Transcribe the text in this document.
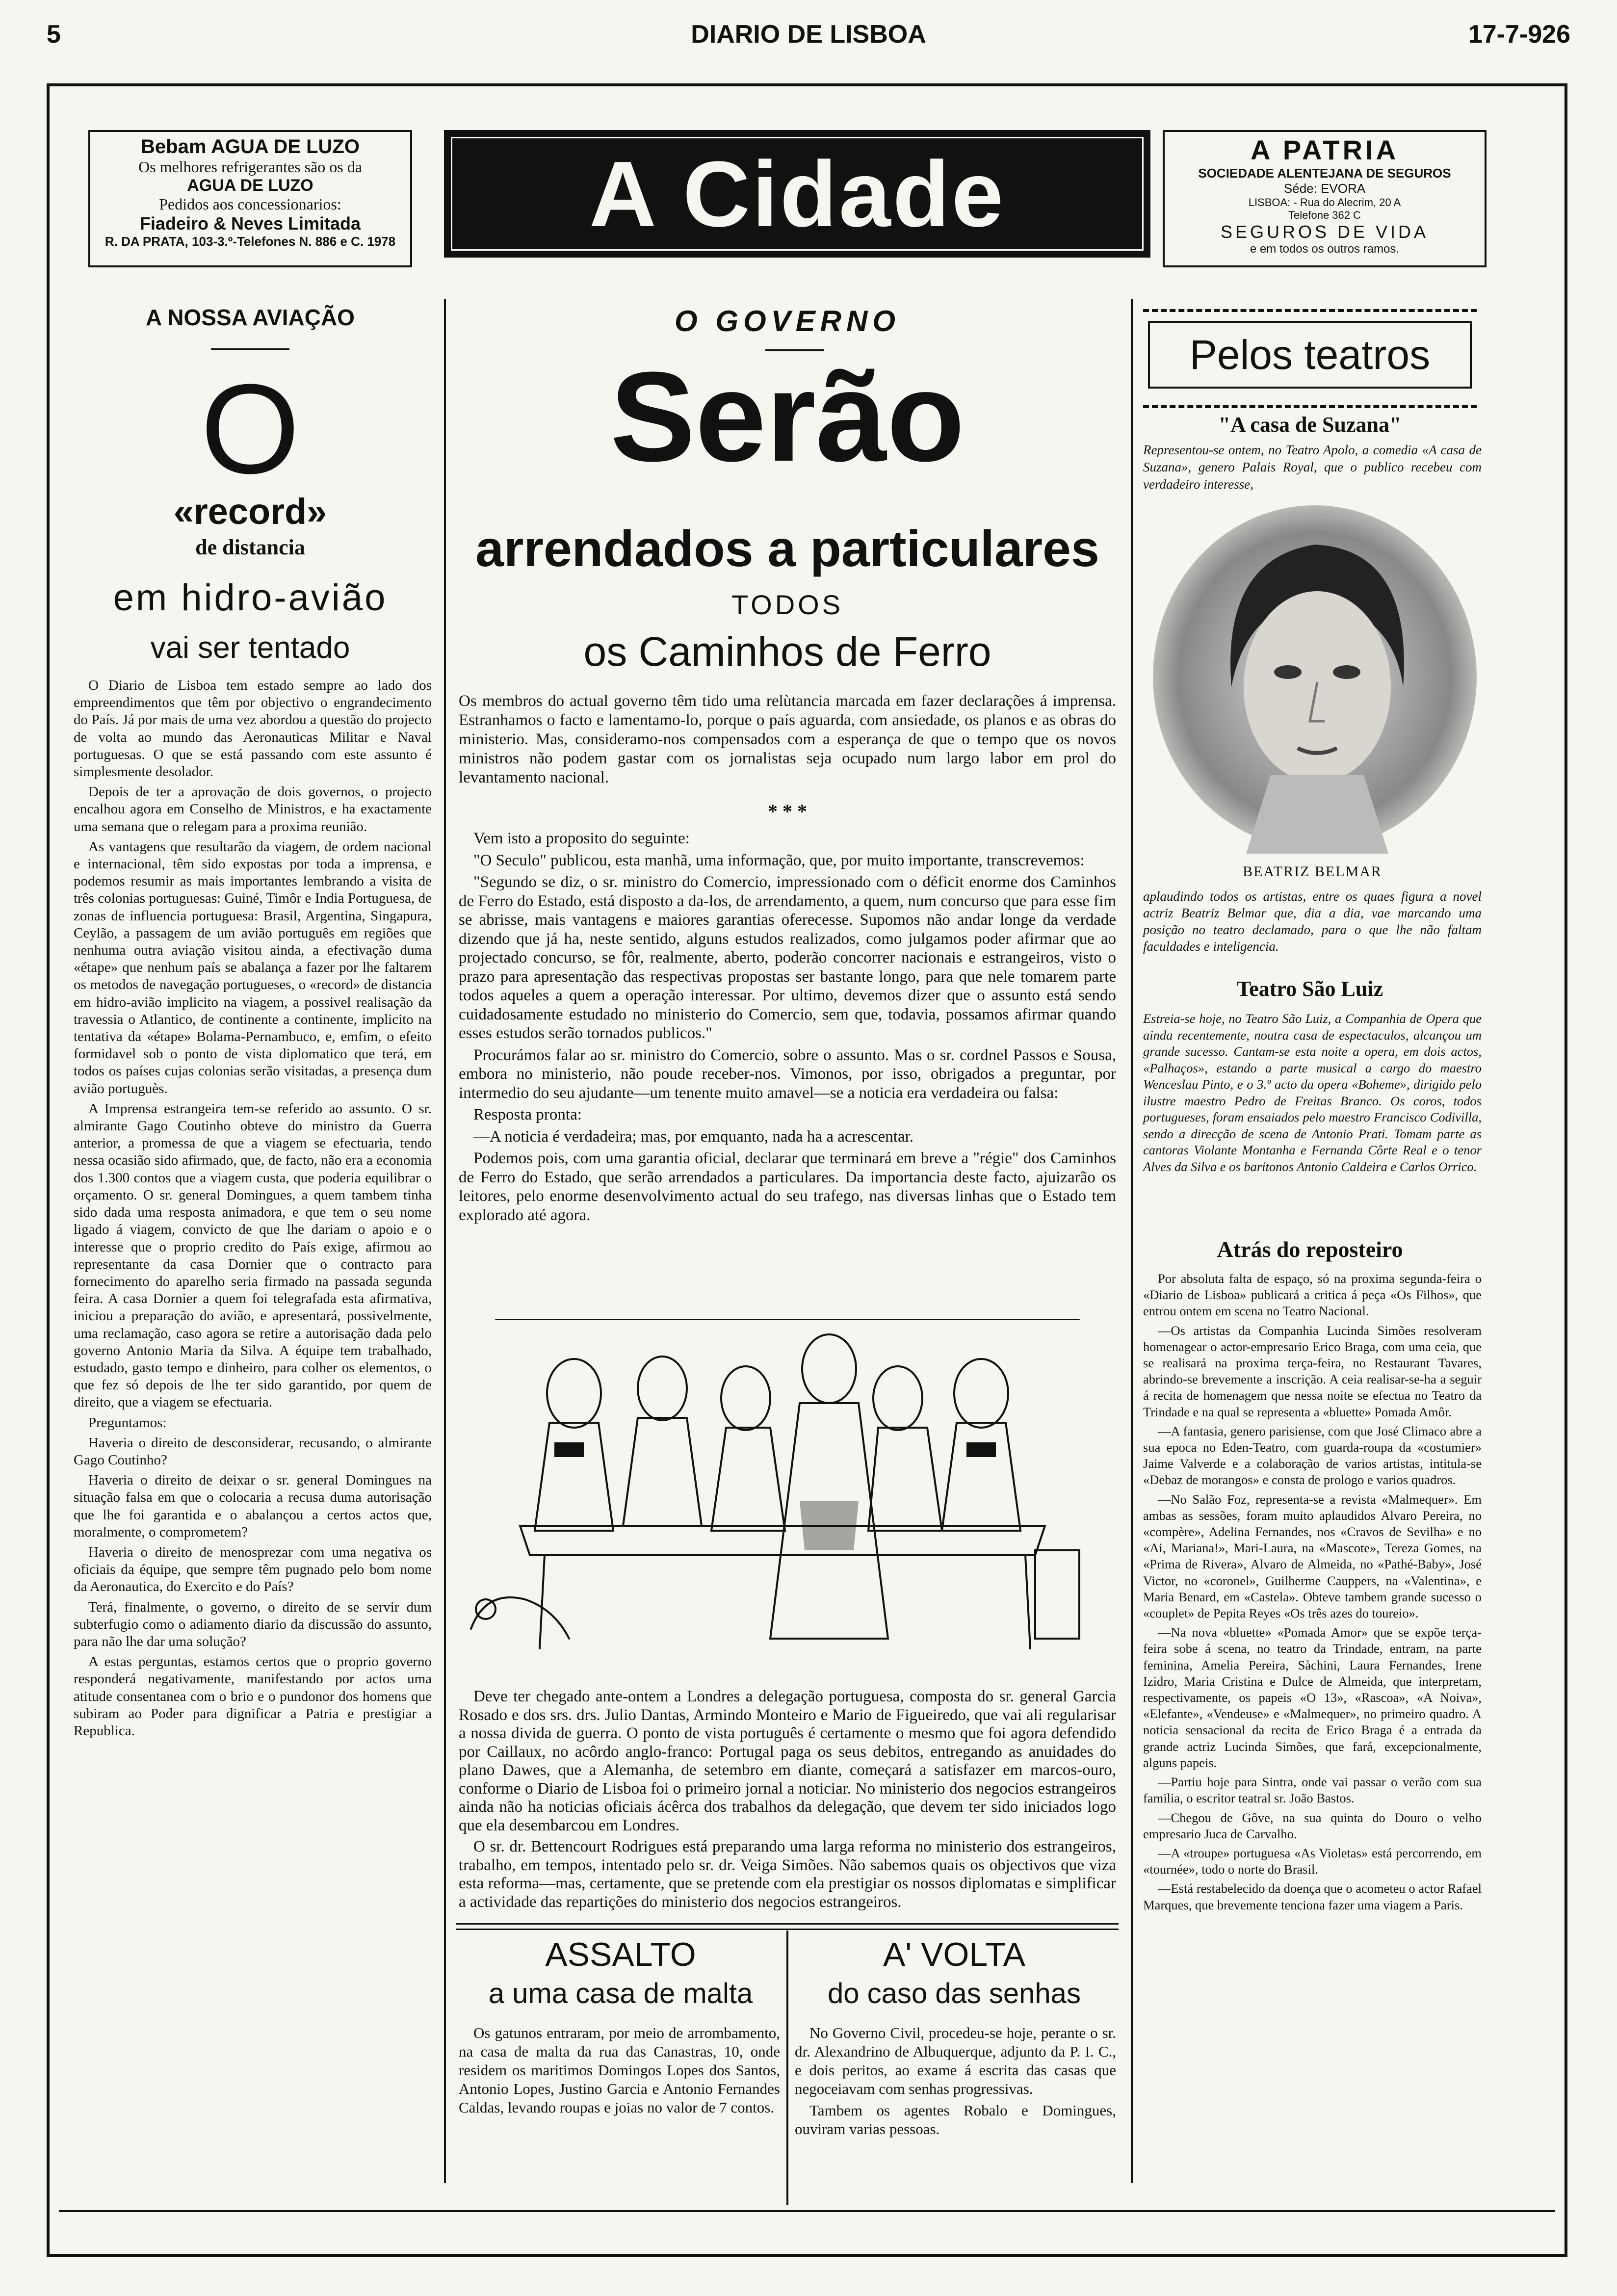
5	DIARIO DE LISBOA	17-7-926
Bebam AGUA DE LUZO
Os melhores refrigerantes são os da
AGUA DE LUZO
Pedidos aos concessionarios:
Fiadeiro & Neves Limitada
R. DA PRATA, 103-3.º-Telefones N. 886 e C. 1978	A Cidade	A PATRIA
SOCIEDADE ALENTEJANA DE SEGUROS
Séde: EVORA
LISBOA: - Rua do Alecrim, 20 A
Telefone 362 C
SEGUROS DE VIDA
e em todos os outros ramos.
A NOSSA AVIAÇÃO
O
«record»
de distancia
em hidro-avião
vai ser tentado

O Diario de Lisboa tem estado sempre ao lado dos empreendimentos que têm por objectivo o engrandecimento do País. Já por mais de uma vez abordou a questão do projecto de volta ao mundo das Aeronauticas Militar e Naval portuguesas. O que se está passando com este assunto é simplesmente desolador.

Depois de ter a aprovação de dois governos, o projecto encalhou agora em Conselho de Ministros, e ha exactamente uma semana que o relegam para a proxima reunião.

As vantagens que resultarão da viagem, de ordem nacional e internacional, têm sido expostas por toda a imprensa, e podemos resumir as mais importantes lembrando a visita de três colonias portuguesas: Guiné, Timôr e India Portuguesa, de zonas de influencia portuguesa: Brasil, Argentina, Singapura, Ceylão, a passagem de um avião português em regiões que nenhuma outra aviação visitou ainda, a efectivação duma «étape» que nenhum país se abalança a fazer por lhe faltarem os metodos de navegação portugueses, o «record» de distancia em hidro-avião implicito na viagem, a possivel realisação da travessia o Atlantico, de continente a continente, implicito na tentativa da «étape» Bolama-Pernambuco, e, emfim, o efeito formidavel sob o ponto de vista diplomatico que terá, em todos os países cujas colonias serão visitadas, a presença dum avião portuguès.

A Imprensa estrangeira tem-se referido ao assunto. O sr. almirante Gago Coutinho obteve do ministro da Guerra anterior, a promessa de que a viagem se efectuaria, tendo nessa ocasião sido afirmado, que, de facto, não era a economia dos 1.300 contos que a viagem custa, que poderia equilibrar o orçamento. O sr. general Domingues, a quem tambem tinha sido dada uma resposta animadora, e que tem o seu nome ligado á viagem, convicto de que lhe dariam o apoio e o interesse que o proprio credito do País exige, afirmou ao representante da casa Dornier que o contracto para fornecimento do aparelho seria firmado na passada segunda feira. A casa Dornier a quem foi telegrafada esta afirmativa, iniciou a preparação do avião, e apresentará, possivelmente, uma reclamação, caso agora se retire a autorisação dada pelo governo Antonio Maria da Silva. A équipe tem trabalhado, estudado, gasto tempo e dinheiro, para colher os elementos, o que fez só depois de lhe ter sido garantido, por quem de direito, que a viagem se efectuaria.

Preguntamos:

Haveria o direito de desconsiderar, recusando, o almirante Gago Coutinho?

Haveria o direito de deixar o sr. general Domingues na situação falsa em que o colocaria a recusa duma autorisação que lhe foi garantida e o abalançou a certos actos que, moralmente, o comprometem?

Haveria o direito de menosprezar com uma negativa os oficiais da équipe, que sempre têm pugnado pelo bom nome da Aeronautica, do Exercito e do País?

Terá, finalmente, o governo, o direito de se servir dum subterfugio como o adiamento diario da discussão do assunto, para não lhe dar uma solução?

A estas perguntas, estamos certos que o proprio governo responderá negativamente, manifestando por actos uma atitude consentanea com o brio e o pundonor dos homens que subiram ao Poder para dignificar a Patria e prestigiar a Republica.

O GOVERNO
Serão
arrendados a particulares
TODOS
os Caminhos de Ferro
Os membros do actual governo têm tido uma relùtancia marcada em fazer declarações á imprensa. Estranhamos o facto e lamentamo-lo, porque o país aguarda, com ansiedade, os planos e as obras do ministerio. Mas, consideramo-nos compensados com a esperança de que o tempo que os novos ministros não podem gastar com os jornalistas seja ocupado num largo labor em prol do levantamento nacional.
* * *

Vem isto a proposito do seguinte:

"O Seculo" publicou, esta manhã, uma informação, que, por muito importante, transcrevemos:

"Segundo se diz, o sr. ministro do Comercio, impressionado com o déficit enorme dos Caminhos de Ferro do Estado, está disposto a da-los, de arrendamento, a quem, num concurso que para esse fim se abrisse, mais vantagens e maiores garantias oferecesse. Supomos não andar longe da verdade dizendo que já ha, neste sentido, alguns estudos realizados, como julgamos poder afirmar que ao projectado concurso, se fôr, realmente, aberto, poderão concorrer nacionais e estrangeiros, visto o prazo para apresentação das respectivas propostas ser bastante longo, para que nele tomarem parte todos aqueles a quem a operação interessar. Por ultimo, devemos dizer que o assunto está sendo cuidadosamente estudado no ministerio do Comercio, sem que, todavia, possamos afirmar quando esses estudos serão tornados publicos."

Procurámos falar ao sr. ministro do Comercio, sobre o assunto. Mas o sr. cordnel Passos e Sousa, embora no ministerio, não poude receber-nos. Vimonos, por isso, obrigados a preguntar, por intermedio do seu ajudante—um tenente muito amavel—se a noticia era verdadeira ou falsa:

Resposta pronta:

—A noticia é verdadeira; mas, por emquanto, nada ha a acrescentar.

Podemos pois, com uma garantia oficial, declarar que terminará em breve a "régie" dos Caminhos de Ferro do Estado, que serão arrendados a particulares. Da importancia deste facto, ajuizarão os leitores, pelo enorme desenvolvimento actual do seu trafego, nas diversas linhas que o Estado tem explorado até agora.

Deve ter chegado ante-ontem a Londres a delegação portuguesa, composta do sr. general Garcia Rosado e dos srs. drs. Julio Dantas, Armindo Monteiro e Mario de Figueiredo, que vai ali regularisar a nossa divida de guerra. O ponto de vista português é certamente o mesmo que foi agora defendido por Caillaux, no acôrdo anglo-franco: Portugal paga os seus debitos, entregando as anuidades do plano Dawes, que a Alemanha, de setembro em diante, começará a satisfazer em marcos-ouro, conforme o Diario de Lisboa foi o primeiro jornal a noticiar. No ministerio dos negocios estrangeiros ainda não ha noticias oficiais ácêrca dos trabalhos da delegação, que devem ter sido iniciados logo que ela desembarcou em Londres.

O sr. dr. Bettencourt Rodrigues está preparando uma larga reforma no ministerio dos estrangeiros, trabalho, em tempos, intentado pelo sr. dr. Veiga Simões. Não sabemos quais os objectivos que viza esta reforma—mas, certamente, que se pretende com ela prestigiar os nossos diplomatas e simplificar a actividade das repartições do ministerio dos negocios estrangeiros.

ASSALTO
a uma casa de malta
Os gatunos entraram, por meio de arrombamento, na casa de malta da rua das Canastras, 10, onde residem os maritimos Domingos Lopes dos Santos, Antonio Lopes, Justino Garcia e Antonio Fernandes Caldas, levando roupas e joias no valor de 7 contos.
A' VOLTA
do caso das senhas

No Governo Civil, procedeu-se hoje, perante o sr. dr. Alexandrino de Albuquerque, adjunto da P. I. C., e dois peritos, ao exame á escrita das casas que negoceiavam com senhas progressivas.

Tambem os agentes Robalo e Domingues, ouviram varias pessoas.

Pelos teatros
"A casa de Suzana"
Representou-se ontem, no Teatro Apolo, a comedia «A casa de Suzana», genero Palais Royal, que o publico recebeu com verdadeiro interesse,
BEATRIZ BELMAR
aplaudindo todos os artistas, entre os quaes figura a novel actriz Beatriz Belmar que, dia a dia, vae marcando uma posição no teatro declamado, para o que lhe não faltam faculdades e inteligencia.
Teatro São Luiz
Estreia-se hoje, no Teatro São Luiz, a Companhia de Opera que ainda recentemente, noutra casa de espectaculos, alcançou um grande sucesso. Cantam-se esta noite a opera, em dois actos, «Palhaços», estando a parte musical a cargo do maestro Wenceslau Pinto, e o 3.º acto da opera «Boheme», dirigido pelo ilustre maestro Pedro de Freitas Branco. Os coros, todos portugueses, foram ensaiados pelo maestro Francisco Codivilla, sendo a direcção de scena de Antonio Prati. Tomam parte as cantoras Violante Montanha e Fernanda Côrte Real e o tenor Alves da Silva e os baritonos Antonio Caldeira e Carlos Orrico.
Atrás do reposteiro

Por absoluta falta de espaço, só na proxima segunda-feira o «Diario de Lisboa» publicará a critica á peça «Os Filhos», que entrou ontem em scena no Teatro Nacional.

—Os artistas da Companhia Lucinda Simões resolveram homenagear o actor-empresario Erico Braga, com uma ceia, que se realisará na proxima terça-feira, no Restaurant Tavares, abrindo-se brevemente a inscrição. A ceia realisar-se-ha a seguir á recita de homenagem que nessa noite se efectua no Teatro da Trindade e na qual se representa a «bluette» Pomada Amôr.

—A fantasia, genero parisiense, com que José Climaco abre a sua epoca no Eden-Teatro, com guarda-roupa da «costumier» Jaime Valverde e a colaboração de varios artistas, intitula-se «Debaz de morangos» e consta de prologo e varios quadros.

—No Salão Foz, representa-se a revista «Malmequer». Em ambas as sessões, foram muito aplaudidos Alvaro Pereira, no «compère», Adelina Fernandes, nos «Cravos de Sevilha» e no «Ai, Mariana!», Mari-Laura, na «Mascote», Tereza Gomes, na «Prima de Rivera», Alvaro de Almeida, no «Pathé-Baby», José Victor, no «coronel», Guilherme Cauppers, na «Valentina», e Maria Benard, em «Castela». Obteve tambem grande sucesso o «couplet» de Pepita Reyes «Os três azes do toureio».

—Na nova «bluette» «Pomada Amor» que se expõe terça-feira sobe á scena, no teatro da Trindade, entram, na parte feminina, Amelia Pereira, Sàchini, Laura Fernandes, Irene Izidro, Maria Cristina e Dulce de Almeida, que interpretam, respectivamente, os papeis «O 13», «Rascoa», «A Noiva», «Elefante», «Vendeuse» e «Malmequer», no primeiro quadro. A noticia sensacional da recita de Erico Braga é a entrada da grande actriz Lucinda Simões, que fará, excepcionalmente, alguns papeis.

—Partiu hoje para Sintra, onde vai passar o verão com sua familia, o escritor teatral sr. João Bastos.

—Chegou de Gôve, na sua quinta do Douro o velho empresario Juca de Carvalho.

—A «troupe» portuguesa «As Violetas» está percorrendo, em «tournée», todo o norte do Brasil.

—Está restabelecido da doença que o acometeu o actor Rafael Marques, que brevemente tenciona fazer uma viagem a Paris.
